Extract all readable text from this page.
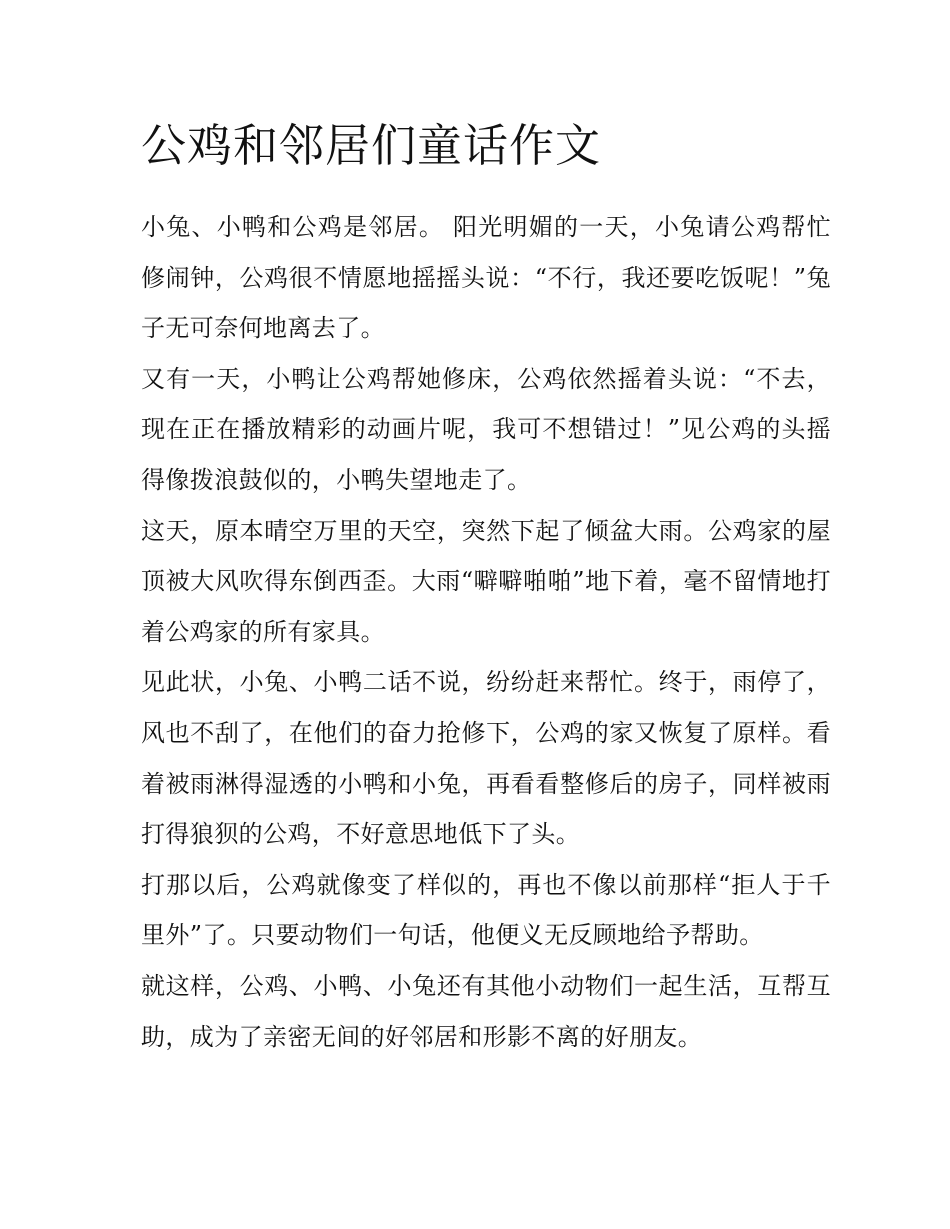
公鸡和邻居们童话作文

小兔、小鸭和公鸡是邻居。 阳光明媚的一天，小兔请公鸡帮忙修闹钟，公鸡很不情愿地摇摇头说：“不行，我还要吃饭呢！”兔子无可奈何地离去了。

又有一天，小鸭让公鸡帮她修床，公鸡依然摇着头说：“不去，现在正在播放精彩的动画片呢，我可不想错过！”见公鸡的头摇得像拨浪鼓似的，小鸭失望地走了。

这天，原本晴空万里的天空，突然下起了倾盆大雨。公鸡家的屋顶被大风吹得东倒西歪。大雨“噼噼啪啪”地下着，毫不留情地打着公鸡家的所有家具。

见此状，小兔、小鸭二话不说，纷纷赶来帮忙。终于，雨停了，风也不刮了，在他们的奋力抢修下，公鸡的家又恢复了原样。看着被雨淋得湿透的小鸭和小兔，再看看整修后的房子，同样被雨打得狼狈的公鸡，不好意思地低下了头。

打那以后，公鸡就像变了样似的，再也不像以前那样“拒人于千里外”了。只要动物们一句话，他便义无反顾地给予帮助。

就这样，公鸡、小鸭、小兔还有其他小动物们一起生活，互帮互助，成为了亲密无间的好邻居和形影不离的好朋友。
